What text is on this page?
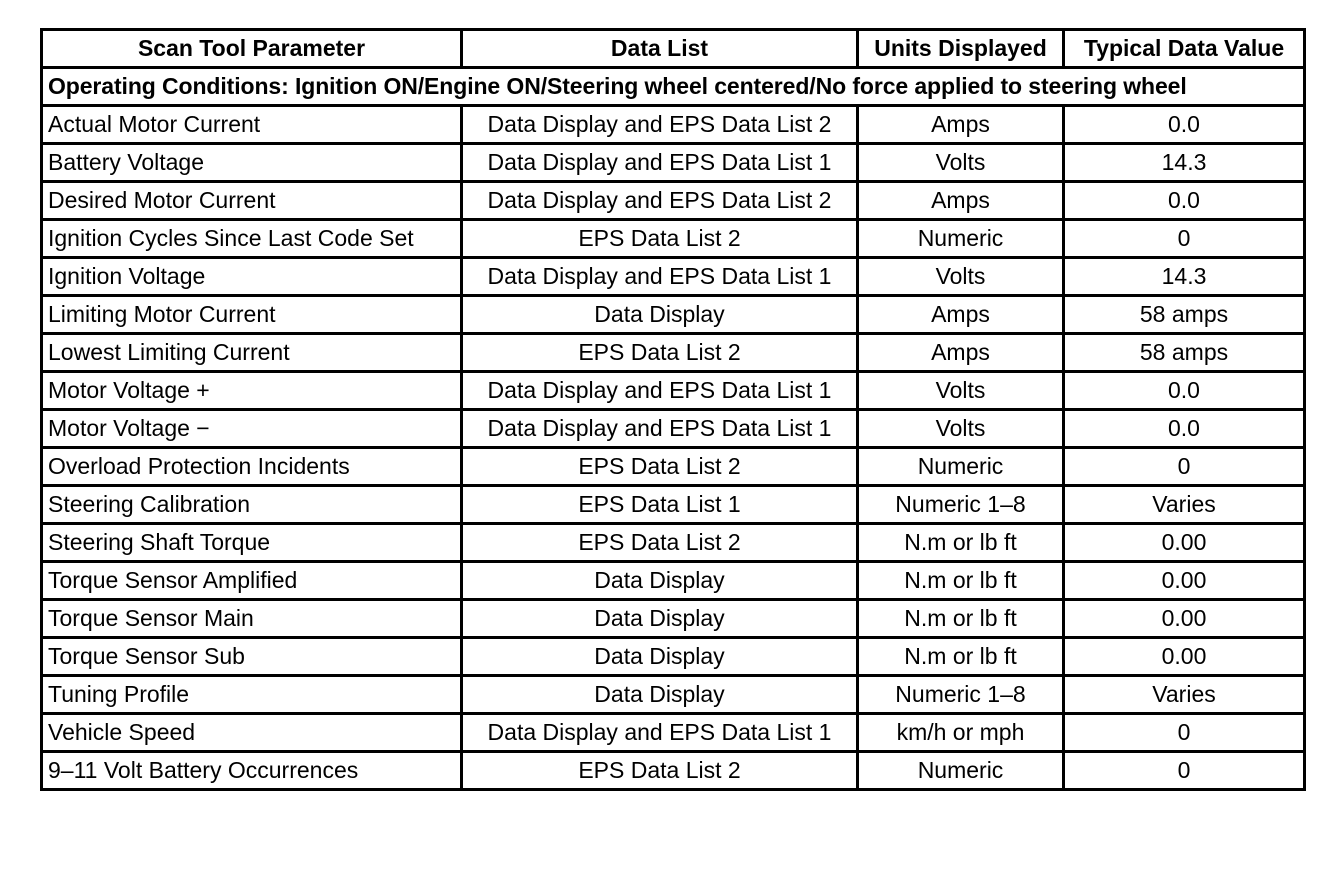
Scan Tool Parameter	Data List	Units Displayed	Typical Data Value
Operating Conditions: Ignition ON/Engine ON/Steering wheel centered/No force applied to steering wheel			
Actual Motor Current	Data Display and EPS Data List 2	Amps	0.0
Battery Voltage	Data Display and EPS Data List 1	Volts	14.3
Desired Motor Current	Data Display and EPS Data List 2	Amps	0.0
Ignition Cycles Since Last Code Set	EPS Data List 2	Numeric	0
Ignition Voltage	Data Display and EPS Data List 1	Volts	14.3
Limiting Motor Current	Data Display	Amps	58 amps
Lowest Limiting Current	EPS Data List 2	Amps	58 amps
Motor Voltage +	Data Display and EPS Data List 1	Volts	0.0
Motor Voltage −	Data Display and EPS Data List 1	Volts	0.0
Overload Protection Incidents	EPS Data List 2	Numeric	0
Steering Calibration	EPS Data List 1	Numeric 1–8	Varies
Steering Shaft Torque	EPS Data List 2	N.m or lb ft	0.00
Torque Sensor Amplified	Data Display	N.m or lb ft	0.00
Torque Sensor Main	Data Display	N.m or lb ft	0.00
Torque Sensor Sub	Data Display	N.m or lb ft	0.00
Tuning Profile	Data Display	Numeric 1–8	Varies
Vehicle Speed	Data Display and EPS Data List 1	km/h or mph	0
9–11 Volt Battery Occurrences	EPS Data List 2	Numeric	0
